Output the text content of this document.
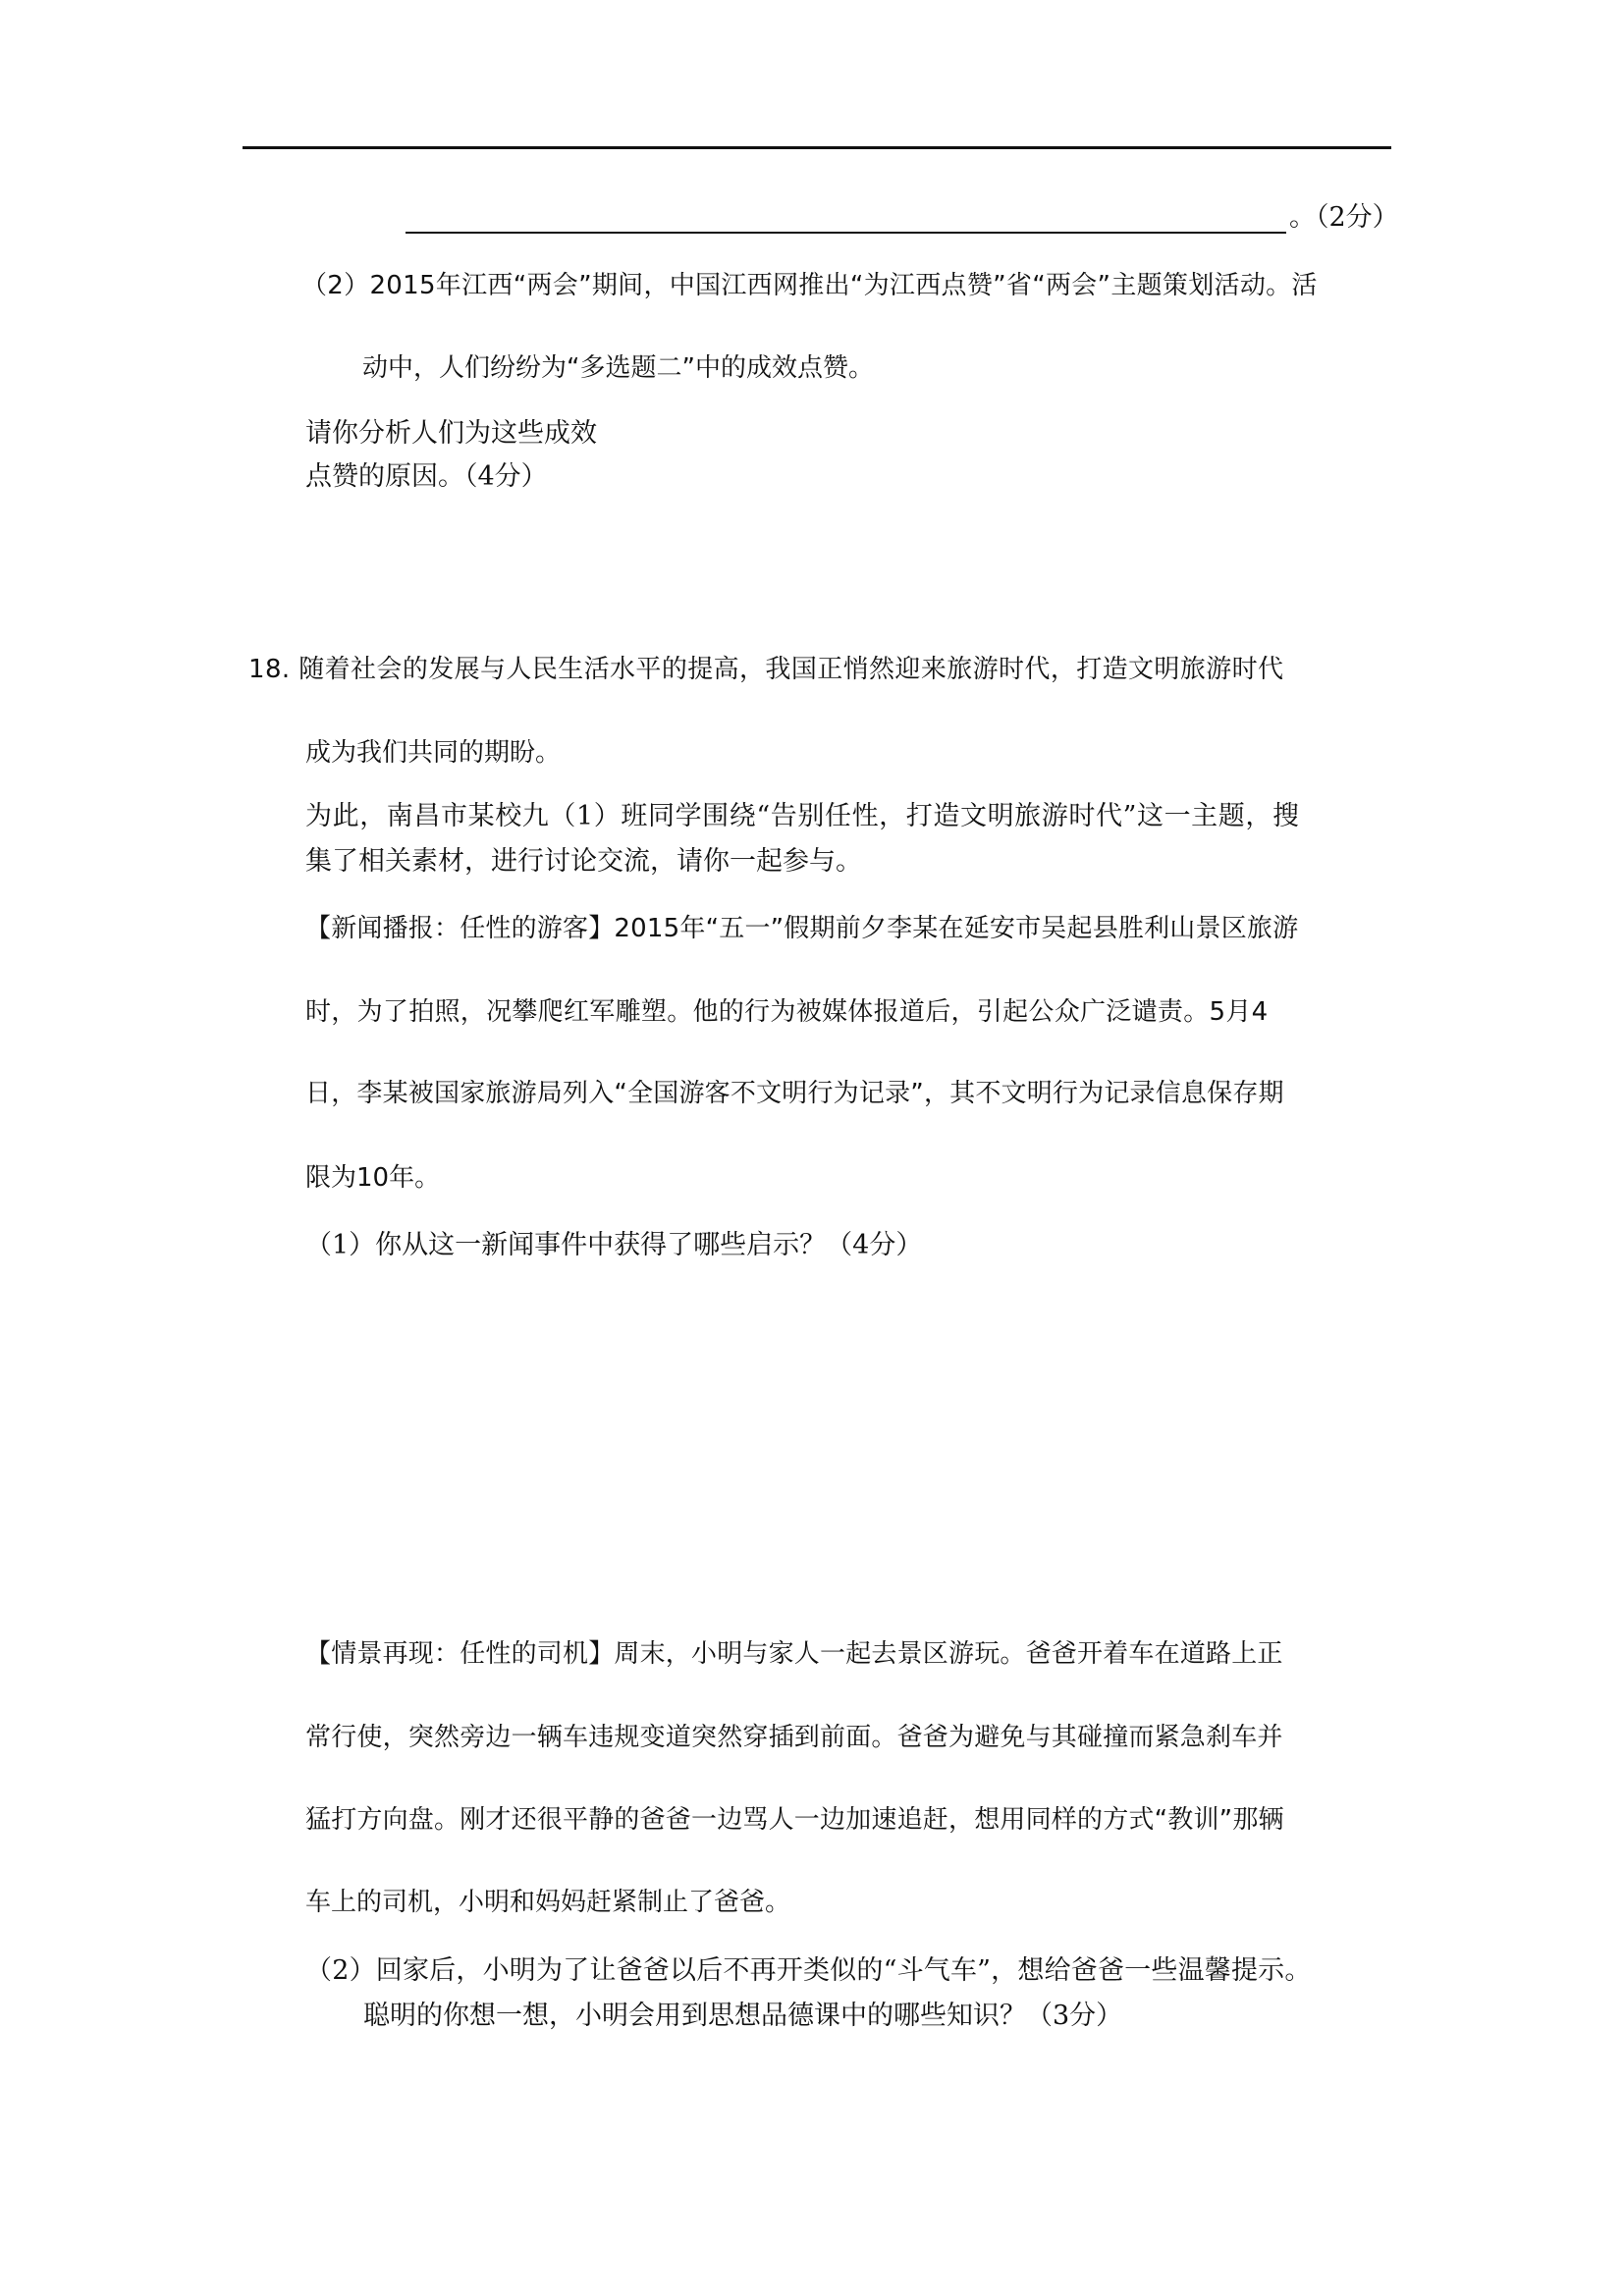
。（2分）
（2）2015年江西“两会”期间，中国江西网推出“为江西点赞”省“两会”主题策划活动。活
动中，人们纷纷为“多选题二”中的成效点赞。
请你分析人们为这些成效
点赞的原因。（4分）
18. 随着社会的发展与人民生活水平的提高，我国正悄然迎来旅游时代，打造文明旅游时代
成为我们共同的期盼。
为此，南昌市某校九（1）班同学围绕“告别任性，打造文明旅游时代”这一主题，搜
集了相关素材，进行讨论交流，请你一起参与。
【新闻播报：任性的游客】2015年“五一”假期前夕李某在延安市吴起县胜利山景区旅游
时，为了拍照，况攀爬红军雕塑。他的行为被媒体报道后，引起公众广泛谴责。5月4
日，李某被国家旅游局列入“全国游客不文明行为记录”，其不文明行为记录信息保存期
限为10年。
（1）你从这一新闻事件中获得了哪些启示？（4分）
【情景再现：任性的司机】周末，小明与家人一起去景区游玩。爸爸开着车在道路上正
常行使，突然旁边一辆车违规变道突然穿插到前面。爸爸为避免与其碰撞而紧急刹车并
猛打方向盘。刚才还很平静的爸爸一边骂人一边加速追赶，想用同样的方式“教训”那辆
车上的司机，小明和妈妈赶紧制止了爸爸。
（2）回家后，小明为了让爸爸以后不再开类似的“斗气车”，想给爸爸一些温馨提示。
聪明的你想一想，小明会用到思想品德课中的哪些知识？（3分）
